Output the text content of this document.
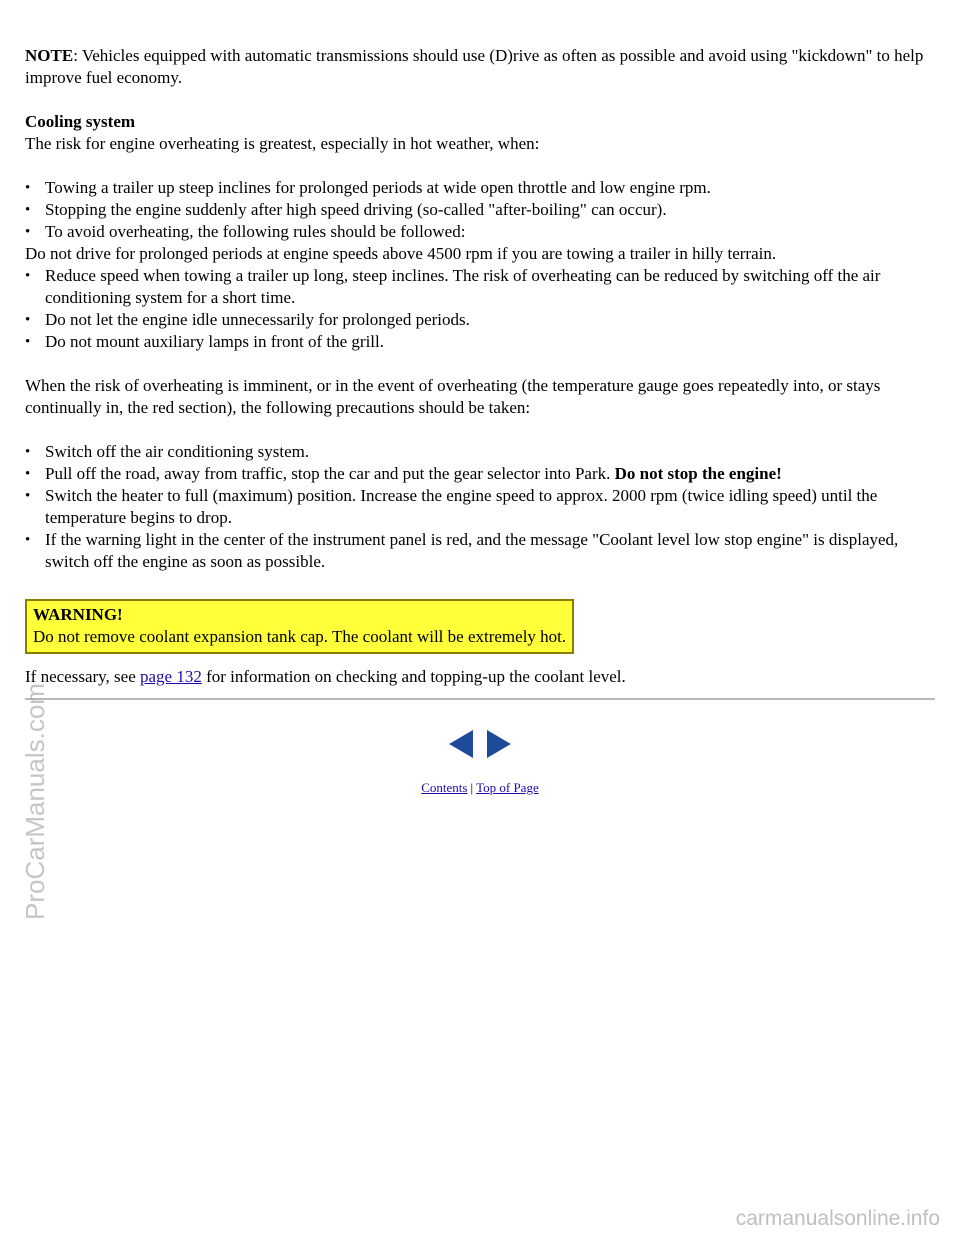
NOTE: Vehicles equipped with automatic transmissions should use (D)rive as often as possible and avoid using "kickdown" to help improve fuel economy.

Cooling system

The risk for engine overheating is greatest, especially in hot weather, when:

• Towing a trailer up steep inclines for prolonged periods at wide open throttle and low engine rpm.
• Stopping the engine suddenly after high speed driving (so-called "after-boiling" can occur).
• To avoid overheating, the following rules should be followed:
Do not drive for prolonged periods at engine speeds above 4500 rpm if you are towing a trailer in hilly terrain.
• Reduce speed when towing a trailer up long, steep inclines. The risk of overheating can be reduced by switching off the air conditioning system for a short time.
• Do not let the engine idle unnecessarily for prolonged periods.
• Do not mount auxiliary lamps in front of the grill.

When the risk of overheating is imminent, or in the event of overheating (the temperature gauge goes repeatedly into, or stays continually in, the red section), the following precautions should be taken:

• Switch off the air conditioning system.
• Pull off the road, away from traffic, stop the car and put the gear selector into Park. Do not stop the engine!
• Switch the heater to full (maximum) position. Increase the engine speed to approx. 2000 rpm (twice idling speed) until the temperature begins to drop.
• If the warning light in the center of the instrument panel is red, and the message "Coolant level low stop engine" is displayed, switch off the engine as soon as possible.
WARNING!
Do not remove coolant expansion tank cap. The coolant will be extremely hot.

If necessary, see page 132 for information on checking and topping-up the coolant level.

Contents | Top of Page
ProCarManuals.com
carmanualsonline.info
